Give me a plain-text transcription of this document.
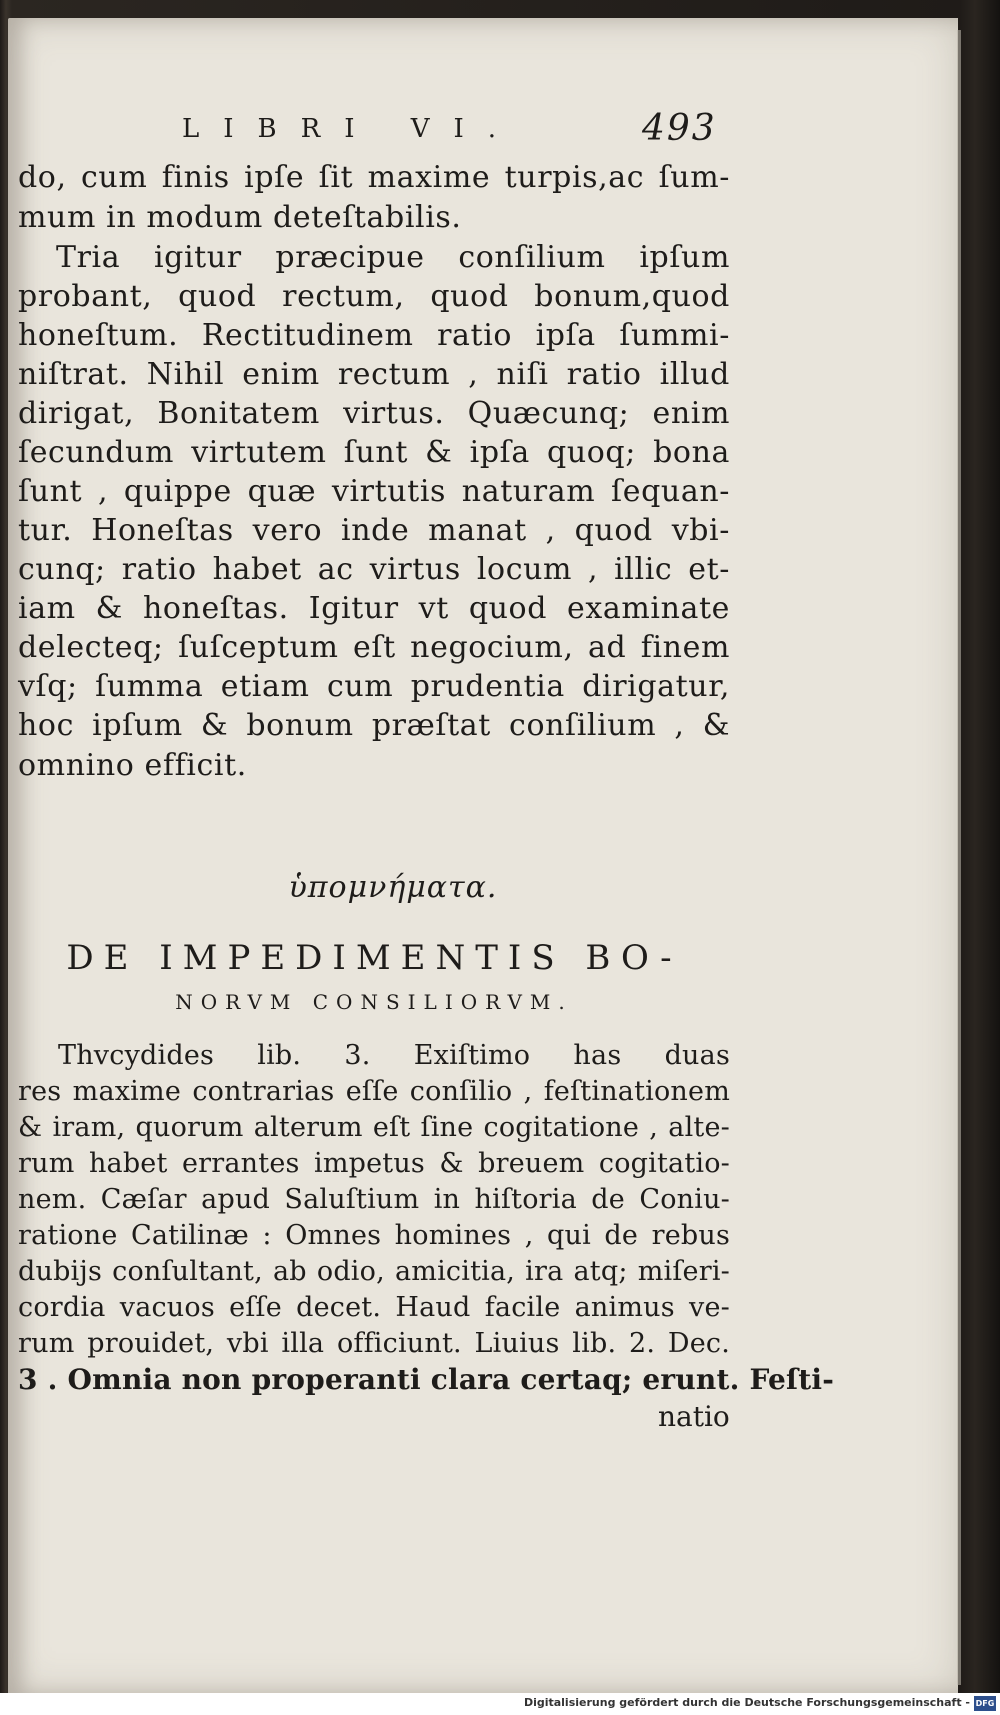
LIBRI VI.	493
do, cum finis ipſe ſit maxime turpis,ac ſum-
mum in modum deteſtabilis.
Tria igitur præcipue conſilium ipſum
probant, quod rectum, quod bonum,quod
honeſtum. Rectitudinem ratio ipſa ſummi-
niſtrat. Nihil enim rectum , niſi ratio illud
dirigat, Bonitatem virtus. Quæcunq; enim
ſecundum virtutem ſunt & ipſa quoq; bona
ſunt , quippe quæ virtutis naturam ſequan-
tur. Honeſtas vero inde manat , quod vbi-
cunq; ratio habet ac virtus locum , illic et-
iam & honeſtas. Igitur vt quod examinate
delecteq; ſuſceptum eſt negocium, ad finem
vſq; ſumma etiam cum prudentia dirigatur,
hoc ipſum & bonum præſtat conſilium , &
omnino efficit.
ὑπομνήματα.
DE IMPEDIMENTIS BO-
NORVM CONSILIORVM.
Thvcydides lib. 3. Exiſtimo has duas
res maxime contrarias eſſe conſilio , feſtinationem
& iram, quorum alterum eſt ſine cogitatione , alte-
rum habet errantes impetus & breuem cogitatio-
nem. Cæſar apud Saluſtium in hiſtoria de Coniu-
ratione Catilinæ : Omnes homines , qui de rebus
dubijs conſultant, ab odio, amicitia, ira atq; miſeri-
cordia vacuos eſſe decet. Haud facile animus ve-
rum prouidet, vbi illa officiunt. Liuius lib. 2. Dec.
3 . Omnia non properanti clara certaq; erunt. Feſti-
natio
Digitalisierung gefördert durch die Deutsche Forschungsgemeinschaft - DFG
